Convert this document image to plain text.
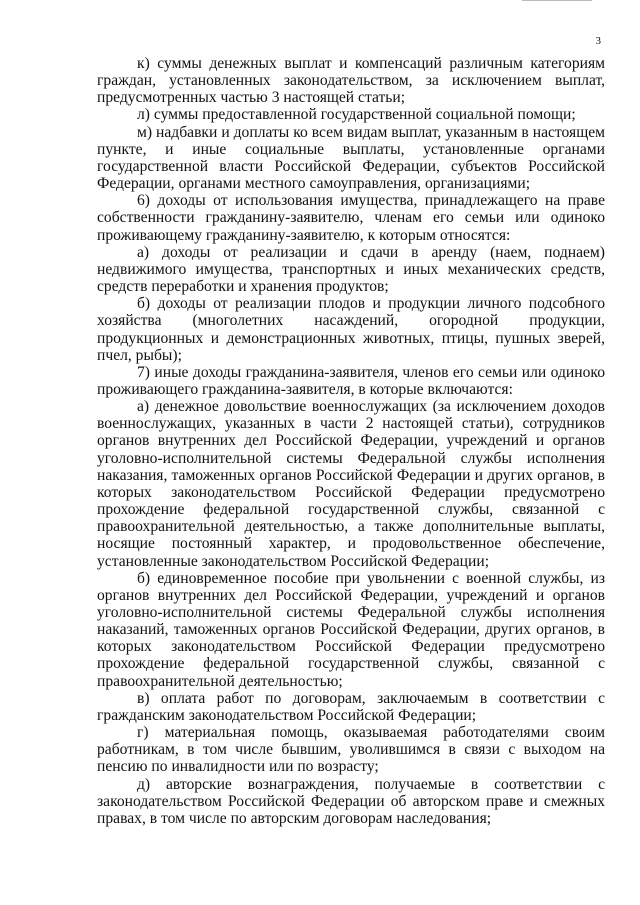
3

к) суммы денежных выплат и компенсаций различным категориям граждан, установленных законодательством, за исключением выплат, предусмотренных частью 3 настоящей статьи;

л) суммы предоставленной государственной социальной помощи;

м) надбавки и доплаты ко всем видам выплат, указанным в настоящем пункте, и иные социальные выплаты, установленные органами государственной власти Российской Федерации, субъектов Российской Федерации, органами местного самоуправления, организациями;

6) доходы от использования имущества, принадлежащего на праве собственности гражданину-заявителю, членам его семьи или одиноко проживающему гражданину-заявителю, к которым относятся:

а) доходы от реализации и сдачи в аренду (наем, поднаем) недвижимого имущества, транспортных и иных механических средств, средств переработки и хранения продуктов;

б) доходы от реализации плодов и продукции личного подсобного хозяйства (многолетних насаждений, огородной продукции, продукционных и демонстрационных животных, птицы, пушных зверей, пчел, рыбы);

7) иные доходы гражданина-заявителя, членов его семьи или одиноко проживающего гражданина-заявителя, в которые включаются:

а) денежное довольствие военнослужащих (за исключением доходов военнослужащих, указанных в части 2 настоящей статьи), сотрудников органов внутренних дел Российской Федерации, учреждений и органов уголовно-исполнительной системы Федеральной службы исполнения наказания, таможенных органов Российской Федерации и других органов, в которых законодательством Российской Федерации предусмотрено прохождение федеральной государственной службы, связанной с правоохранительной деятельностью, а также дополнительные выплаты, носящие постоянный характер, и продовольственное обеспечение, установленные законодательством Российской Федерации;

б) единовременное пособие при увольнении с военной службы, из органов внутренних дел Российской Федерации, учреждений и органов уголовно-исполнительной системы Федеральной службы исполнения наказаний, таможенных органов Российской Федерации, других органов, в которых законодательством Российской Федерации предусмотрено прохождение федеральной государственной службы, связанной с правоохранительной деятельностью;

в) оплата работ по договорам, заключаемым в соответствии с гражданским законодательством Российской Федерации;

г) материальная помощь, оказываемая работодателями своим работникам, в том числе бывшим, уволившимся в связи с выходом на пенсию по инвалидности или по возрасту;

д) авторские вознаграждения, получаемые в соответствии с законодательством Российской Федерации об авторском праве и смежных правах, в том числе по авторским договорам наследования;
